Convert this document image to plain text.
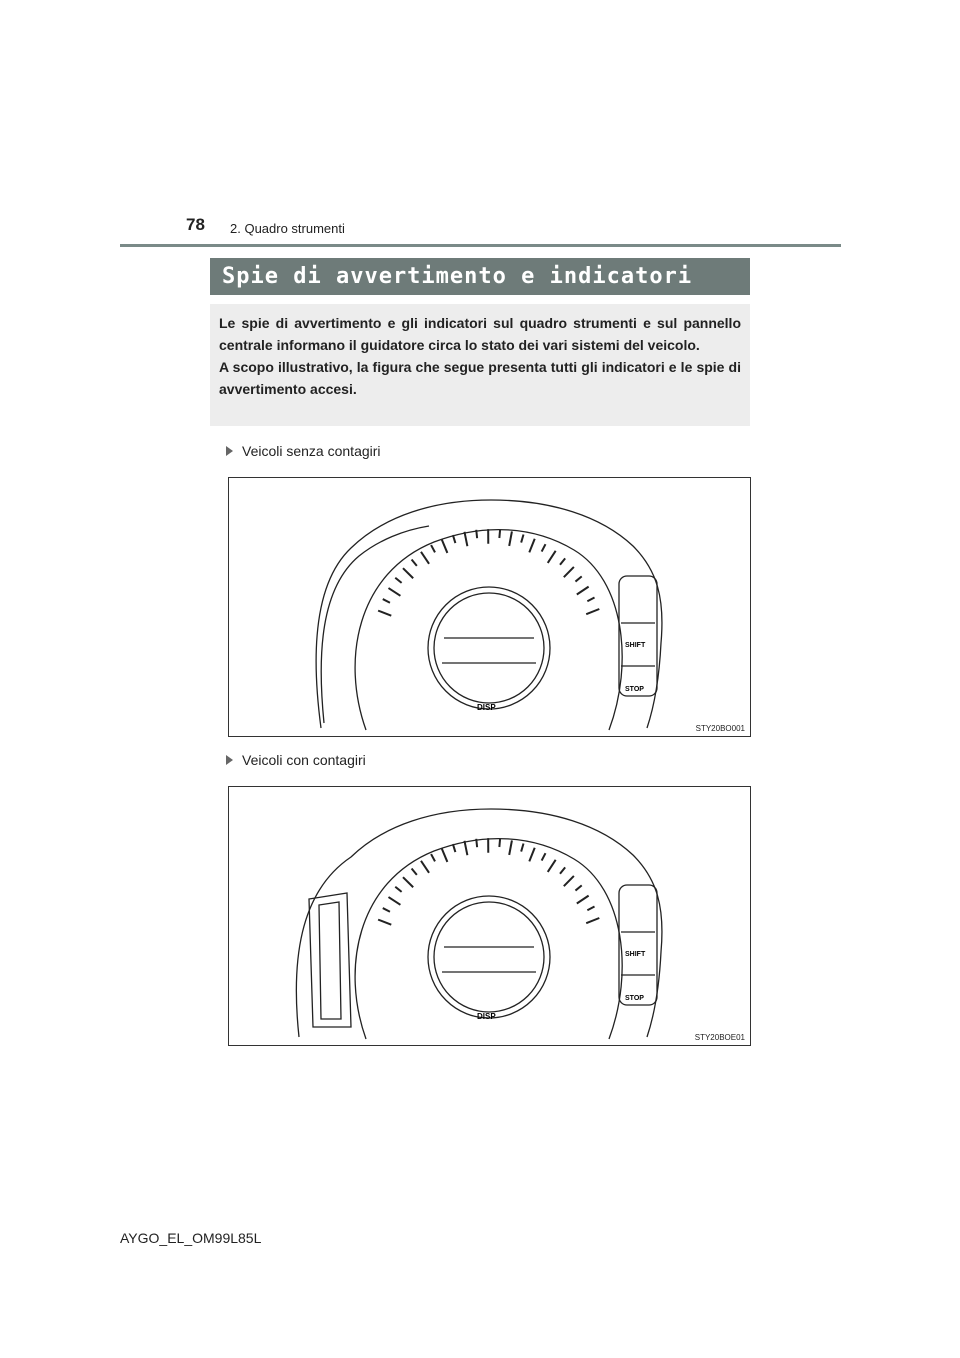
78 2. Quadro strumenti
Spie di avvertimento e indicatori

Le spie di avvertimento e gli indicatori sul quadro strumenti e sul pannello centrale informano il guidatore circa lo stato dei vari sistemi del veicolo.
A scopo illustrativo, la figura che segue presenta tutti gli indicatori e le spie di avvertimento accesi.

Veicoli senza contagiri
DISP
SHIFT
STOP
STY20BO001
Veicoli con contagiri
DISP
SHIFT
STOP
STY20BOE01
AYGO_EL_OM99L85L
